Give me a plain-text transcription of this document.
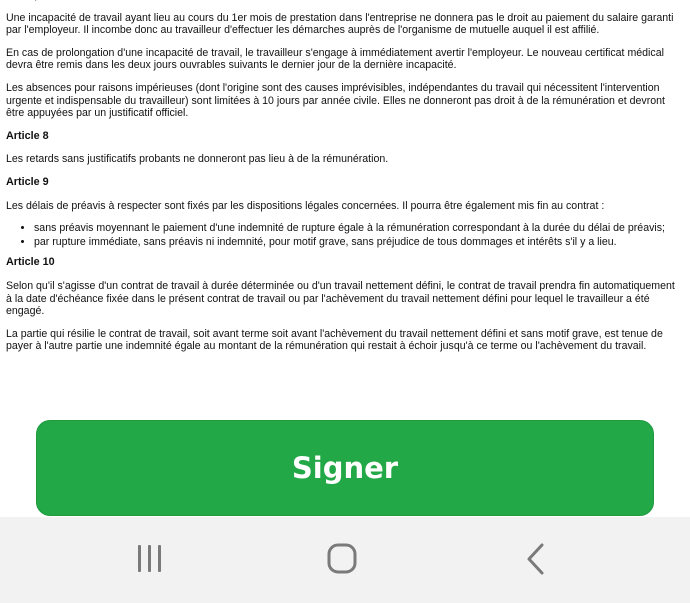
Une incapacité de travail ayant lieu au cours du 1er mois de prestation dans l'entreprise ne donnera pas le droit au paiement du salaire garanti par l'employeur. Il incombe donc au travailleur d'effectuer les démarches auprès de l'organisme de mutuelle auquel il est affilié.

En cas de prolongation d'une incapacité de travail, le travailleur s'engage à immédiatement avertir l'employeur. Le nouveau certificat médical devra être remis dans les deux jours ouvrables suivants le dernier jour de la dernière incapacité.

Les absences pour raisons impérieuses (dont l'origine sont des causes imprévisibles, indépendantes du travail qui nécessitent l'intervention urgente et indispensable du travailleur) sont limitées à 10 jours par année civile. Elles ne donneront pas droit à de la rémunération et devront être appuyées par un justificatif officiel.

Article 8

Les retards sans justificatifs probants ne donneront pas lieu à de la rémunération.

Article 9

Les délais de préavis à respecter sont fixés par les dispositions légales concernées. Il pourra être également mis fin au contrat :

• sans préavis moyennant le paiement d'une indemnité de rupture égale à la rémunération correspondant à la durée du délai de préavis;
• par rupture immédiate, sans préavis ni indemnité, pour motif grave, sans préjudice de tous dommages et intérêts s'il y a lieu.
Article 10

Selon qu'il s'agisse d'un contrat de travail à durée déterminée ou d'un travail nettement défini, le contrat de travail prendra fin automatiquement à la date d'échéance fixée dans le présent contrat de travail ou par l'achèvement du travail nettement défini pour lequel le travailleur a été engagé.

La partie qui résilie le contrat de travail, soit avant terme soit avant l'achèvement du travail nettement défini et sans motif grave, est tenue de payer à l'autre partie une indemnité égale au montant de la rémunération qui restait à échoir jusqu'à ce terme ou l'achèvement du travail.

Signer
